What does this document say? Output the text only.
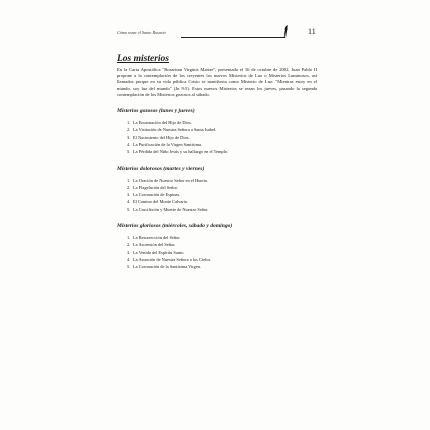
Cómo rezar el Santo Rosario	11
Los misterios

En la Carta Apostólica "Rosarium Virginis Mariae", presentada el 16 de octubre de 2002, Juan Pablo II propone a la contemplación de los creyentes los nuevos Misterios de Luz o Misterios Luminosos, así llamados porque en su vida pública Cristo se manifiesta como Misterio de Luz: "Mientras estoy en el mundo, soy luz del mundo" (Jn 9:5). Estos nuevos Misterios se rezan los jueves, pasando la segunda contemplación de los Misterios gozosos al sábado.

Misterios gozosos (lunes y jueves)
1. La Encarnación del Hijo de Dios.
2. La Visitación de Nuestra Señora a Santa Isabel.
3. El Nacimiento del Hijo de Dios.
4. La Purificación de la Virgen Santísima.
5. La Pérdida del Niño Jesús y su hallazgo en el Templo.
Misterios dolorosos (martes y viernes)
1. La Oración de Nuestro Señor en el Huerto.
2. La Flagelación del Señor.
3. La Coronación de Espinas.
4. El Camino del Monte Calvario.
5. La Crucifixión y Muerte de Nuestro Señor.
Misterios gloriosos (miércoles, sábado y domingo)
1. La Resurrección del Señor.
2. La Ascensión del Señor.
3. La Venida del Espíritu Santo.
4. La Asunción de Nuestra Señora a los Cielos.
5. La Coronación de la Santísima Virgen.
